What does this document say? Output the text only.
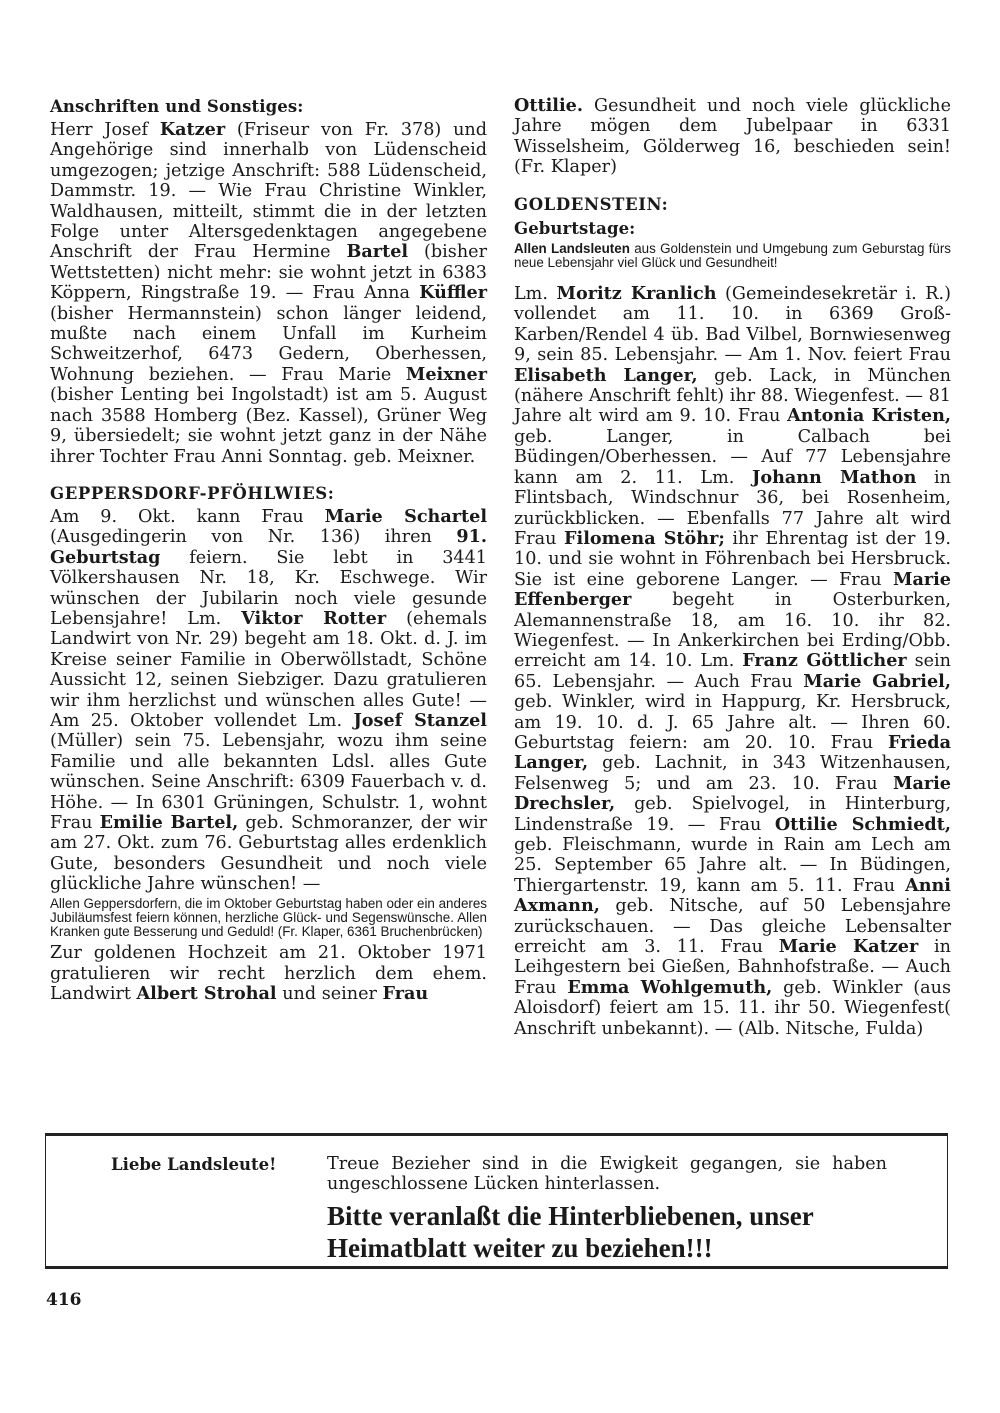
Anschriften und Sonstiges:

Herr Josef Katzer (Friseur von Fr. 378) und Angehörige sind innerhalb von Lüdenscheid umgezogen; jetzige Anschrift: 588 Lüdenscheid, Dammstr. 19. — Wie Frau Christine Winkler, Waldhausen, mitteilt, stimmt die in der letzten Folge unter Altersgedenktagen angegebene Anschrift der Frau Hermine Bartel (bisher Wettstetten) nicht mehr: sie wohnt jetzt in 6383 Köppern, Ringstraße 19. — Frau Anna Küffler (bisher Hermannstein) schon länger leidend, mußte nach einem Unfall im Kurheim Schweitzerhof, 6473 Gedern, Oberhessen, Wohnung beziehen. — Frau Marie Meixner (bisher Lenting bei Ingolstadt) ist am 5. August nach 3588 Homberg (Bez. Kassel), Grüner Weg 9, übersiedelt; sie wohnt jetzt ganz in der Nähe ihrer Tochter Frau Anni Sonntag. geb. Meixner.

GEPPERSDORF-PFÖHLWIES:

Am 9. Okt. kann Frau Marie Schartel (Ausgedingerin von Nr. 136) ihren 91. Geburtstag feiern. Sie lebt in 3441 Völkershausen Nr. 18, Kr. Eschwege. Wir wünschen der Jubilarin noch viele gesunde Lebensjahre! Lm. Viktor Rotter (ehemals Landwirt von Nr. 29) begeht am 18. Okt. d. J. im Kreise seiner Familie in Oberwöllstadt, Schöne Aussicht 12, seinen Siebziger. Dazu gratulieren wir ihm herzlichst und wünschen alles Gute! — Am 25. Oktober vollendet Lm. Josef Stanzel (Müller) sein 75. Lebensjahr, wozu ihm seine Familie und alle bekannten Ldsl. alles Gute wünschen. Seine Anschrift: 6309 Fauerbach v. d. Höhe. — In 6301 Grüningen, Schulstr. 1, wohnt Frau Emilie Bartel, geb. Schmoranzer, der wir am 27. Okt. zum 76. Geburtstag alles erdenklich Gute, besonders Gesundheit und noch viele glückliche Jahre wünschen! —

Allen Geppersdorfern, die im Oktober Geburtstag haben oder ein anderes Jubiläumsfest feiern können, herzliche Glück- und Segenswünsche. Allen Kranken gute Besserung und Geduld! (Fr. Klaper, 6361 Bruchenbrücken)

Zur goldenen Hochzeit am 21. Oktober 1971 gratulieren wir recht herzlich dem ehem. Landwirt Albert Strohal und seiner Frau

Ottilie. Gesundheit und noch viele glückliche Jahre mögen dem Jubelpaar in 6331 Wisselsheim, Gölderweg 16, beschieden sein! (Fr. Klaper)

GOLDENSTEIN:
Geburtstage:
Allen Landsleuten aus Goldenstein und Umgebung zum Geburstag fürs neue Lebensjahr viel Glück und Gesundheit!

Lm. Moritz Kranlich (Gemeindesekretär i. R.) vollendet am 11. 10. in 6369 Groß-Karben/Rendel 4 üb. Bad Vilbel, Bornwiesenweg 9, sein 85. Lebensjahr. — Am 1. Nov. feiert Frau Elisabeth Langer, geb. Lack, in München (nähere Anschrift fehlt) ihr 88. Wiegenfest. — 81 Jahre alt wird am 9. 10. Frau Antonia Kristen, geb. Langer, in Calbach bei Büdingen/Oberhessen. — Auf 77 Lebensjahre kann am 2. 11. Lm. Johann Mathon in Flintsbach, Windschnur 36, bei Rosenheim, zurückblicken. — Ebenfalls 77 Jahre alt wird Frau Filomena Stöhr; ihr Ehrentag ist der 19. 10. und sie wohnt in Föhrenbach bei Hersbruck. Sie ist eine geborene Langer. — Frau Marie Effenberger begeht in Osterburken, Alemannenstraße 18, am 16. 10. ihr 82. Wiegenfest. — In Ankerkirchen bei Erding/Obb. erreicht am 14. 10. Lm. Franz Göttlicher sein 65. Lebensjahr. — Auch Frau Marie Gabriel, geb. Winkler, wird in Happurg, Kr. Hersbruck, am 19. 10. d. J. 65 Jahre alt. — Ihren 60. Geburtstag feiern: am 20. 10. Frau Frieda Langer, geb. Lachnit, in 343 Witzenhausen, Felsenweg 5; und am 23. 10. Frau Marie Drechsler, geb. Spielvogel, in Hinterburg, Lindenstraße 19. — Frau Ottilie Schmiedt, geb. Fleischmann, wurde in Rain am Lech am 25. September 65 Jahre alt. — In Büdingen, Thiergartenstr. 19, kann am 5. 11. Frau Anni Axmann, geb. Nitsche, auf 50 Lebensjahre zurückschauen. — Das gleiche Lebensalter erreicht am 3. 11. Frau Marie Katzer in Leihgestern bei Gießen, Bahnhofstraße. — Auch Frau Emma Wohlgemuth, geb. Winkler (aus Aloisdorf) feiert am 15. 11. ihr 50. Wiegenfest( Anschrift unbekannt). — (Alb. Nitsche, Fulda)

Liebe Landsleute!	Treue Bezieher sind in die Ewigkeit gegangen, sie haben ungeschlossene Lücken hinterlassen.
Bitte veranlaßt die Hinterbliebenen, unser Heimatblatt weiter zu beziehen!!!
416
